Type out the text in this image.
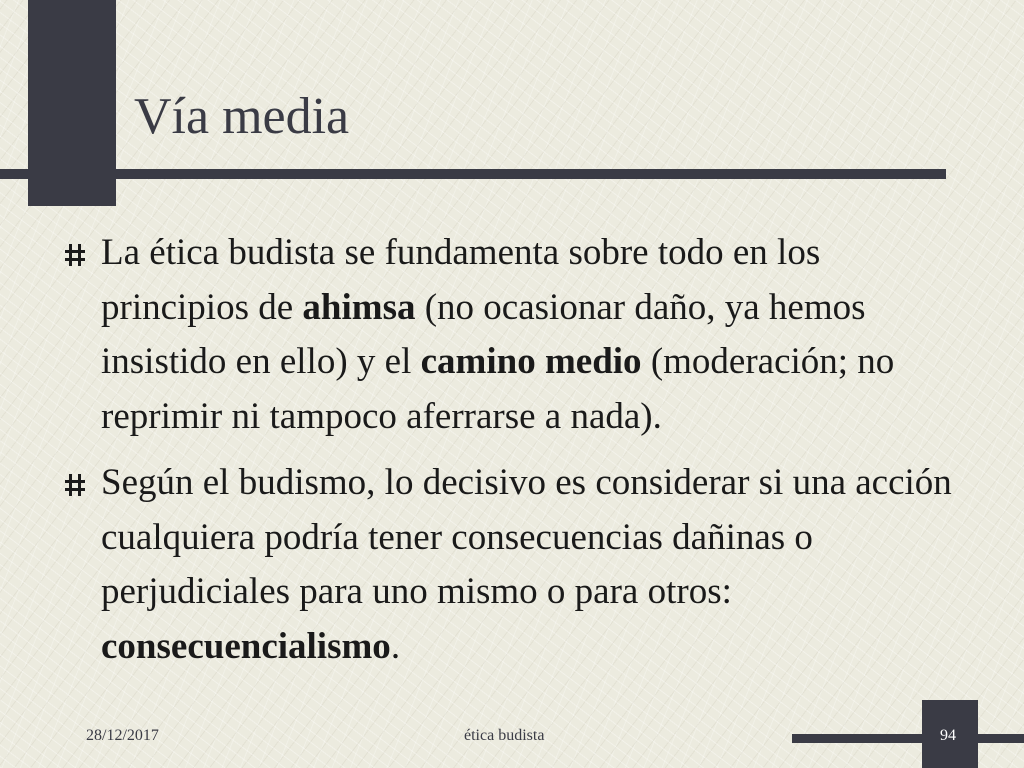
Vía media
La ética budista se fundamenta sobre todo en los principios de ahimsa (no ocasionar daño, ya hemos insistido en ello) y el camino medio (moderación; no reprimir ni tampoco aferrarse a nada).
Según el budismo, lo decisivo es considerar si una acción cualquiera podría tener consecuencias dañinas o perjudiciales para uno mismo o para otros: consecuencialismo.
28/12/2017	ética budista	94
